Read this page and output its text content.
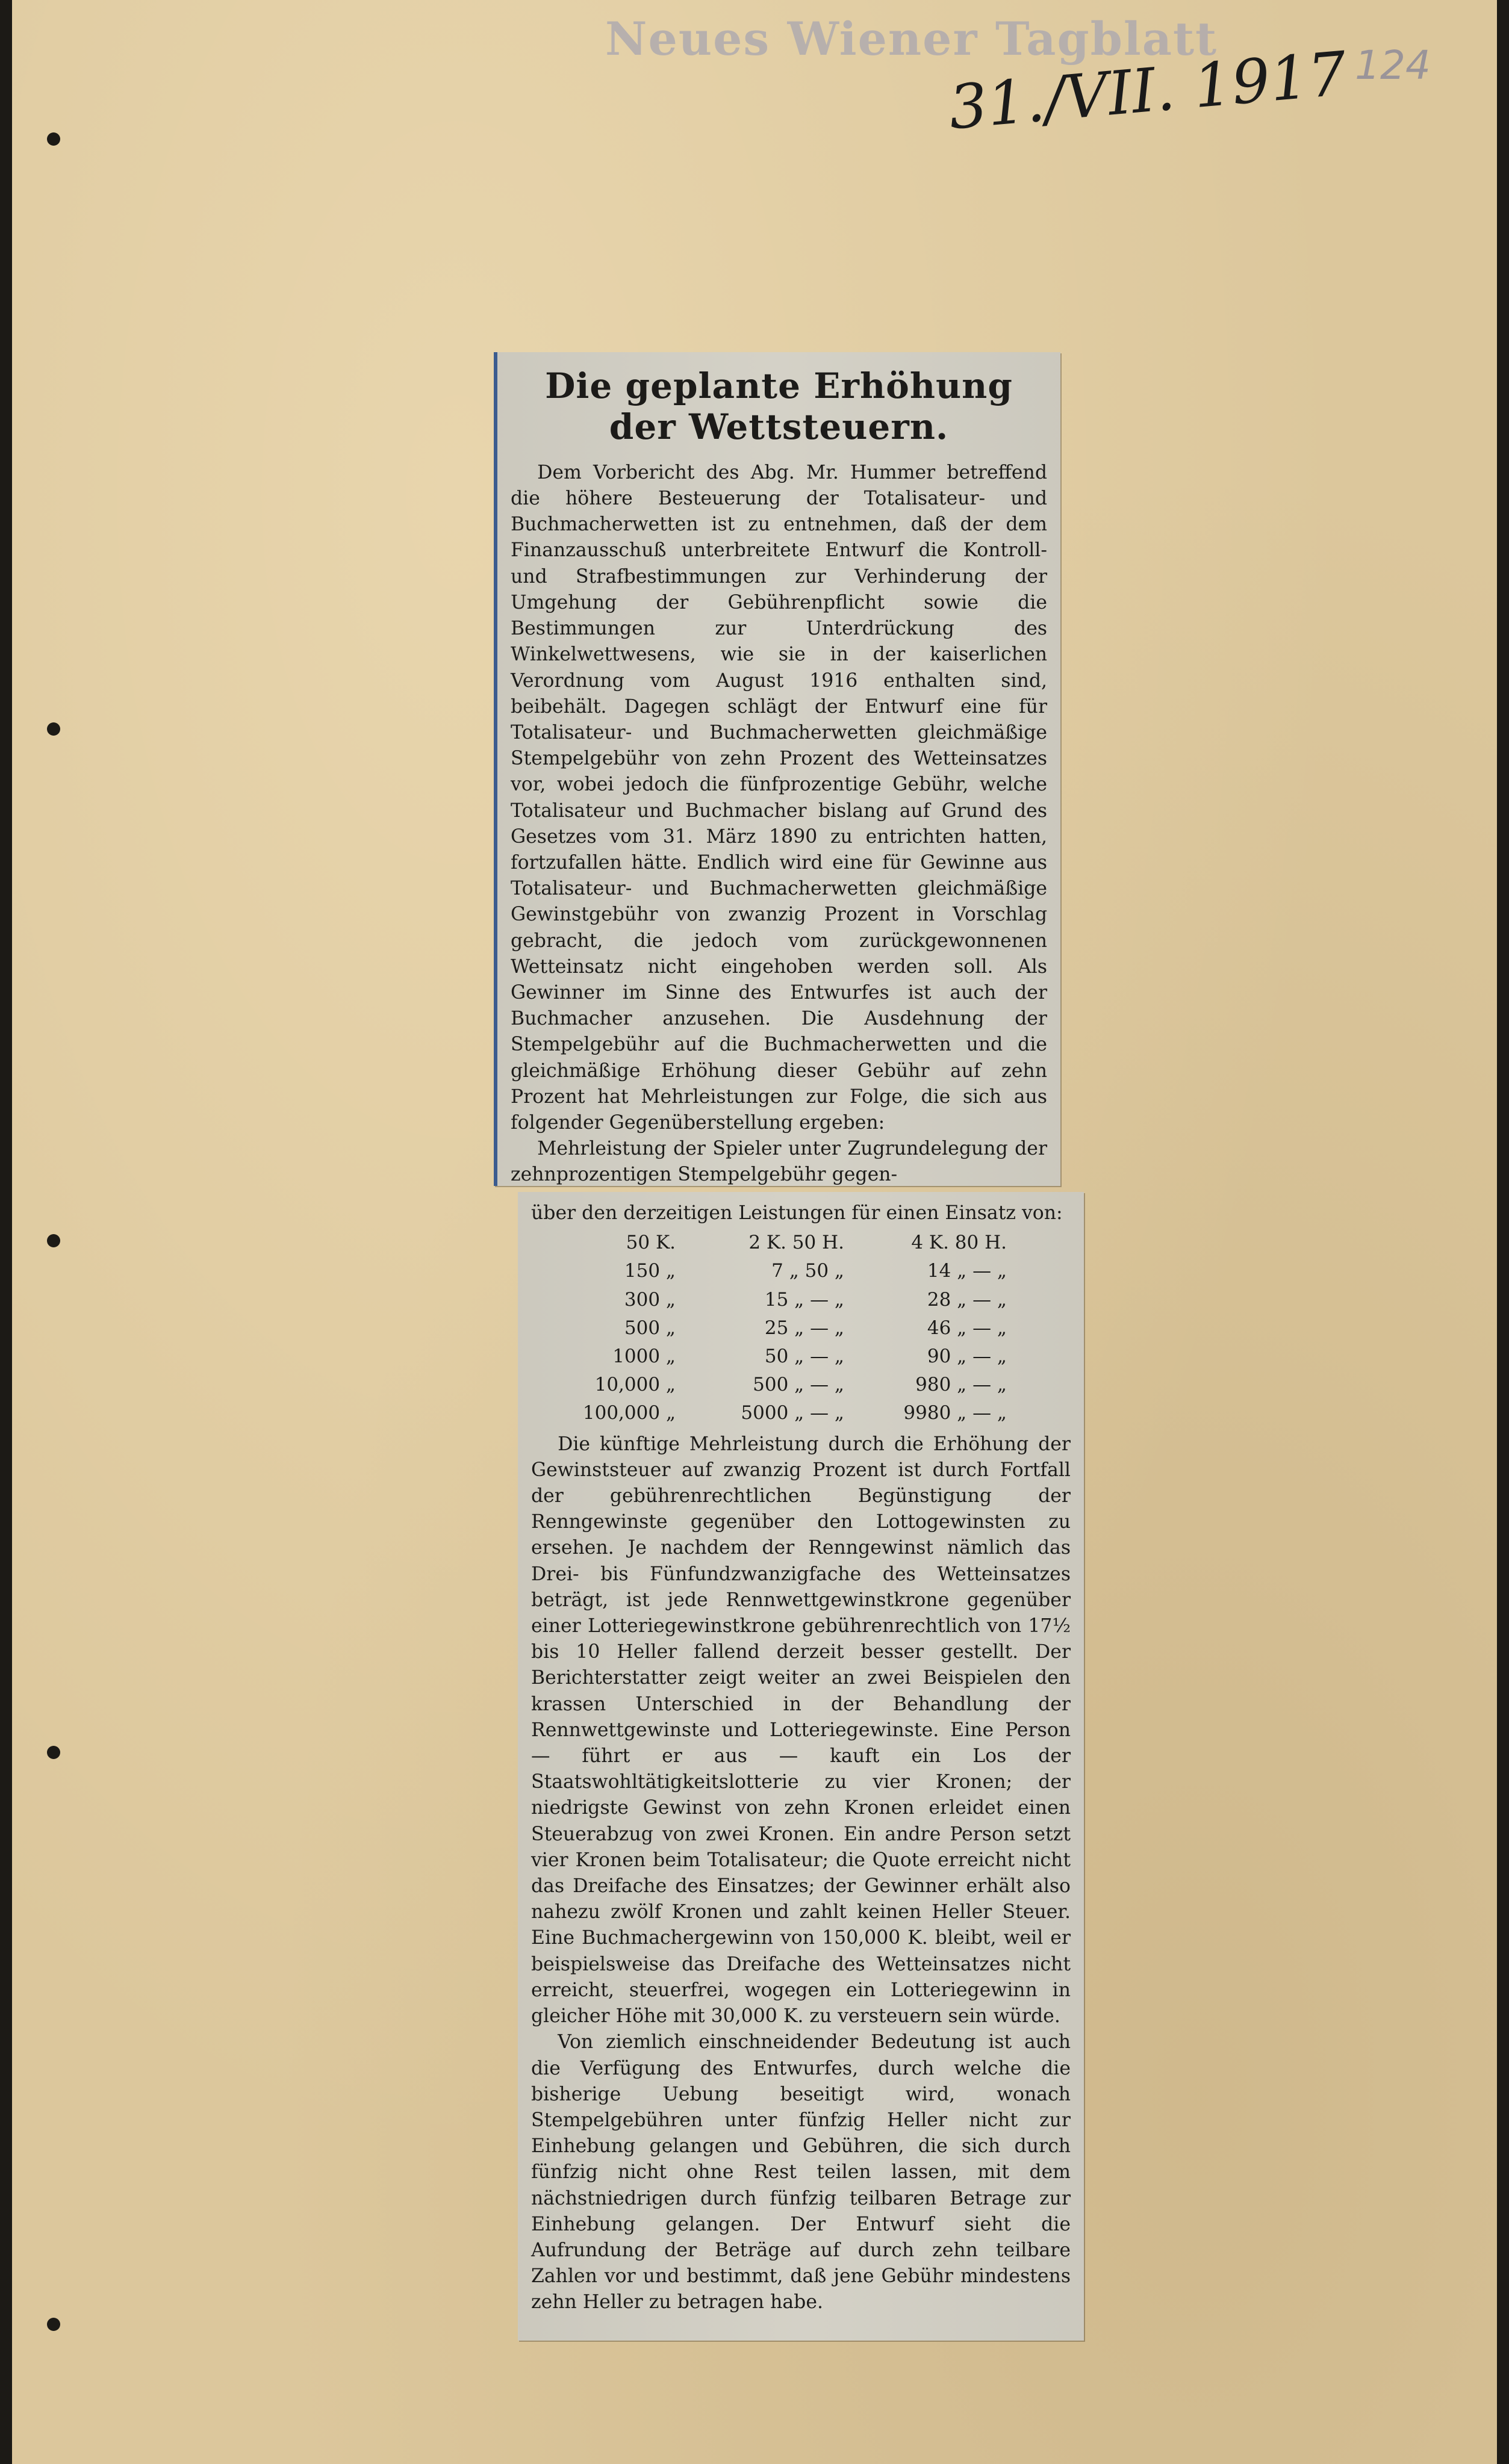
Neues Wiener Tagblatt
31./VII. 1917 124
Die geplante Erhöhung der Wettsteuern.

Dem Vorbericht des Abg. Mr. Hummer betreffend die höhere Besteuerung der Totalisateur- und Buchmacherwetten ist zu entnehmen, daß der dem Finanzausschuß unterbreitete Entwurf die Kontroll- und Strafbestimmungen zur Verhinderung der Umgehung der Gebührenpflicht sowie die Bestimmungen zur Unterdrückung des Winkelwettwesens, wie sie in der kaiserlichen Verordnung vom August 1916 enthalten sind, beibehält. Dagegen schlägt der Entwurf eine für Totalisateur- und Buchmacherwetten gleichmäßige Stempelgebühr von zehn Prozent des Wetteinsatzes vor, wobei jedoch die fünfprozentige Gebühr, welche Totalisateur und Buchmacher bislang auf Grund des Gesetzes vom 31. März 1890 zu entrichten hatten, fortzufallen hätte. Endlich wird eine für Gewinne aus Totalisateur- und Buchmacherwetten gleichmäßige Gewinstgebühr von zwanzig Prozent in Vorschlag gebracht, die jedoch vom zurückgewonnenen Wetteinsatz nicht eingehoben werden soll. Als Gewinner im Sinne des Entwurfes ist auch der Buchmacher anzusehen. Die Ausdehnung der Stempelgebühr auf die Buchmacherwetten und die gleichmäßige Erhöhung dieser Gebühr auf zehn Prozent hat Mehrleistungen zur Folge, die sich aus folgender Gegenüberstellung ergeben:

Mehrleistung der Spieler unter Zugrundelegung der zehnprozentigen Stempelgebühr gegen-

über den derzeitigen Leistungen für einen Einsatz von:

50 K.	2 K. 50 H.	4 K. 80 H.
150 „	7 „ 50 „	14 „ — „
300 „	15 „ — „	28 „ — „
500 „	25 „ — „	46 „ — „
1000 „	50 „ — „	90 „ — „
10,000 „	500 „ — „	980 „ — „
100,000 „	5000 „ — „	9980 „ — „

Die künftige Mehrleistung durch die Erhöhung der Gewinststeuer auf zwanzig Prozent ist durch Fortfall der gebührenrechtlichen Begünstigung der Renngewinste gegenüber den Lottogewinsten zu ersehen. Je nachdem der Renngewinst nämlich das Drei- bis Fünfundzwanzigfache des Wetteinsatzes beträgt, ist jede Rennwettgewinstkrone gegenüber einer Lotteriegewinstkrone gebührenrechtlich von 17½ bis 10 Heller fallend derzeit besser gestellt. Der Berichterstatter zeigt weiter an zwei Beispielen den krassen Unterschied in der Behandlung der Rennwettgewinste und Lotteriegewinste. Eine Person — führt er aus — kauft ein Los der Staatswohltätigkeitslotterie zu vier Kronen; der niedrigste Gewinst von zehn Kronen erleidet einen Steuerabzug von zwei Kronen. Ein andre Person setzt vier Kronen beim Totalisateur; die Quote erreicht nicht das Dreifache des Einsatzes; der Gewinner erhält also nahezu zwölf Kronen und zahlt keinen Heller Steuer. Eine Buchmachergewinn von 150,000 K. bleibt, weil er beispielsweise das Dreifache des Wetteinsatzes nicht erreicht, steuerfrei, wogegen ein Lotteriegewinn in gleicher Höhe mit 30,000 K. zu versteuern sein würde.

Von ziemlich einschneidender Bedeutung ist auch die Verfügung des Entwurfes, durch welche die bisherige Uebung beseitigt wird, wonach Stempelgebühren unter fünfzig Heller nicht zur Einhebung gelangen und Gebühren, die sich durch fünfzig nicht ohne Rest teilen lassen, mit dem nächstniedrigen durch fünfzig teilbaren Betrage zur Einhebung gelangen. Der Entwurf sieht die Aufrundung der Beträge auf durch zehn teilbare Zahlen vor und bestimmt, daß jene Gebühr mindestens zehn Heller zu betragen habe.
